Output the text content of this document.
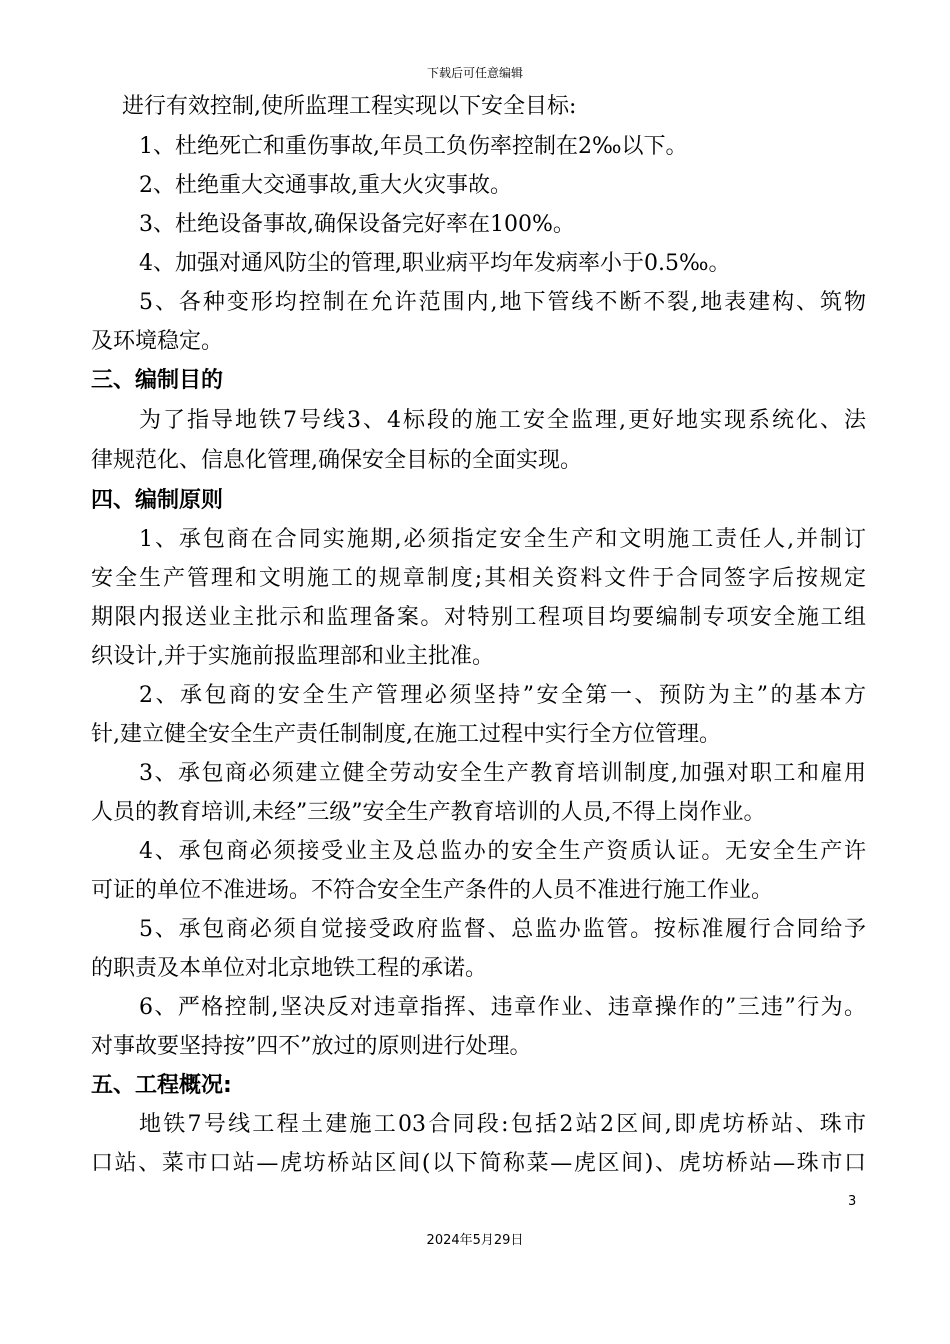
下载后可任意编辑
进行有效控制,使所监理工程实现以下安全目标:
1、杜绝死亡和重伤事故,年员工负伤率控制在2‰以下。
2、杜绝重大交通事故,重大火灾事故。
3、杜绝设备事故,确保设备完好率在100%。
4、加强对通风防尘的管理,职业病平均年发病率小于0.5‰。
5、各种变形均控制在允许范围内,地下管线不断不裂,地表建构、筑物
及环境稳定。
三、编制目的
为了指导地铁7号线3、4标段的施工安全监理,更好地实现系统化、法
律规范化、信息化管理,确保安全目标的全面实现。
四、编制原则
1、承包商在合同实施期,必须指定安全生产和文明施工责任人,并制订
安全生产管理和文明施工的规章制度;其相关资料文件于合同签字后按规定
期限内报送业主批示和监理备案。对特别工程项目均要编制专项安全施工组
织设计,并于实施前报监理部和业主批准。
2、承包商的安全生产管理必须坚持”安全第一、预防为主”的基本方
针,建立健全安全生产责任制制度,在施工过程中实行全方位管理。
3、承包商必须建立健全劳动安全生产教育培训制度,加强对职工和雇用
人员的教育培训,未经”三级”安全生产教育培训的人员,不得上岗作业。
4、承包商必须接受业主及总监办的安全生产资质认证。无安全生产许
可证的单位不准进场。不符合安全生产条件的人员不准进行施工作业。
5、承包商必须自觉接受政府监督、总监办监管。按标准履行合同给予
的职责及本单位对北京地铁工程的承诺。
6、严格控制,坚决反对违章指挥、违章作业、违章操作的”三违”行为。
对事故要坚持按”四不”放过的原则进行处理。
五、工程概况:
地铁7号线工程土建施工03合同段:包括2站2区间,即虎坊桥站、珠市
口站、菜市口站—虎坊桥站区间(以下简称菜—虎区间)、虎坊桥站—珠市口
3
2024年5月29日
